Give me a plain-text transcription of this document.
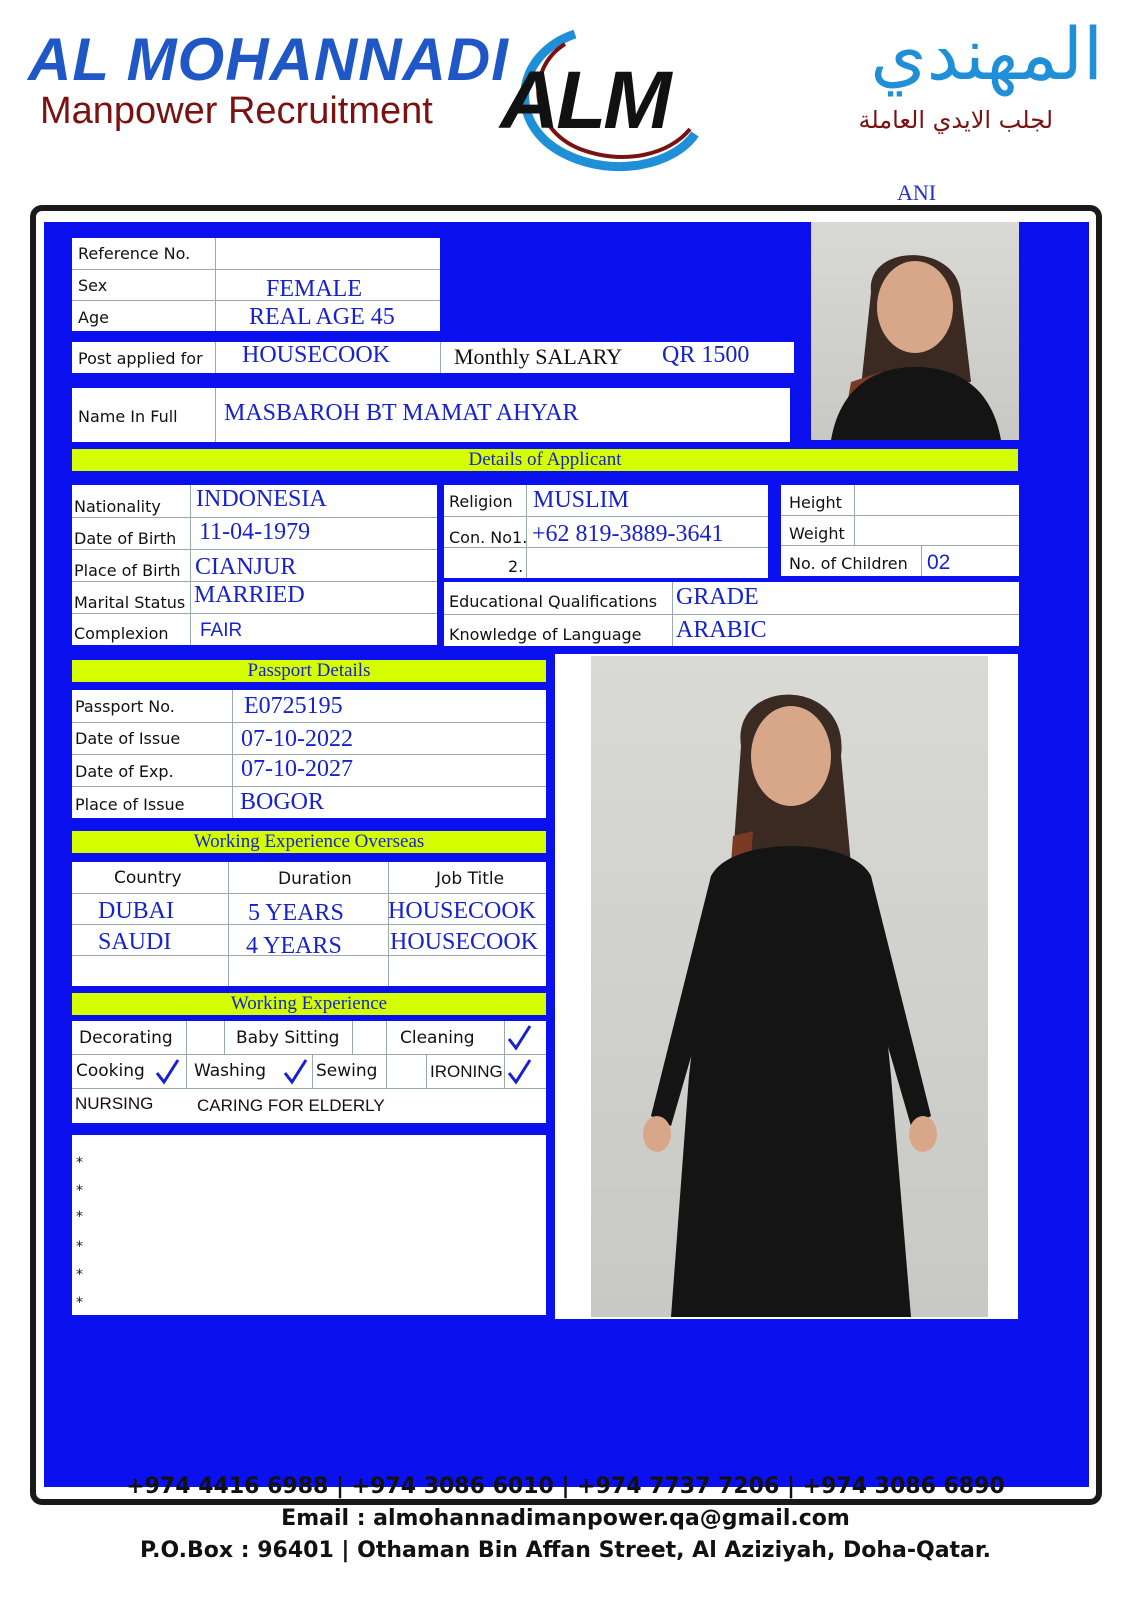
AL MOHANNADI
Manpower Recruitment ALM
المهندي
لجلب الايدي العاملة
ANI
Reference No.
Sex	FEMALE
Age	REAL AGE 45
Post applied for HOUSECOOK	Monthly SALARY QR 1500
Name In Full MASBAROH BT MAMAT AHYAR
Details of Applicant
Nationality INDONESIA
Date of Birth 11-04-1979
Place of Birth CIANJUR
Marital Status MARRIED
Complexion FAIR
Religion MUSLIM
Con. No1. +62 819-3889-3641
2.
Height
Weight
No. of Children 02
Educational Qualifications GRADE
Knowledge of Language ARABIC
Passport Details
Passport No.	E0725195
Date of Issue	07-10-2022
Date of Exp.	07-10-2027
Place of Issue BOGOR
Working Experience Overseas
Country	Duration	Job Title
DUBAI	5 YEARS HOUSECOOK
SAUDI	4 YEARS HOUSECOOK
Working Experience
Decorating	Baby Sitting	Cleaning
Cooking	Washing	Sewing	IRONING
NURSING	CARING FOR ELDERLY
*
*
*
*
*
*
+974 4416 6988 | +974 3086 6010 | +974 7737 7206 | +974 3086 6890
Email : almohannadimanpower.qa@gmail.com
P.O.Box : 96401 | Othaman Bin Affan Street, Al Aziziyah, Doha-Qatar.
